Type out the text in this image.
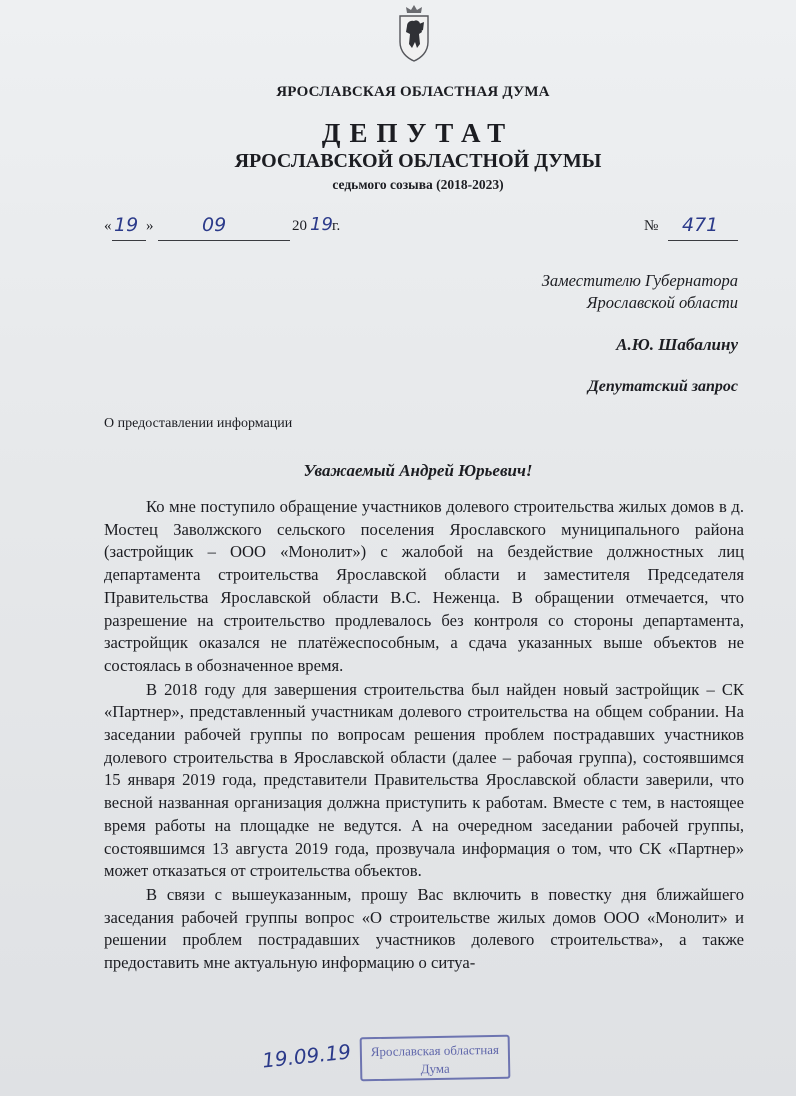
ЯРОСЛАВСКАЯ ОБЛАСТНАЯ ДУМА
ДЕПУТАТ
ЯРОСЛАВСКОЙ ОБЛАСТНОЙ ДУМЫ
седьмого созыва (2018-2023)
« 19 »	09	20 19 г.	№ 471
Заместителю Губернатора
Ярославской области
А.Ю. Шабалину
Депутатский запрос
О предоставлении информации
Уважаемый Андрей Юрьевич!

Ко мне поступило обращение участников долевого строительства жилых домов в д. Мостец Заволжского сельского поселения Ярославского муниципального района (застройщик – ООО «Монолит») с жалобой на бездействие должностных лиц департамента строительства Ярославской области и заместителя Председателя Правительства Ярославской области В.С. Неженца. В обращении отмечается, что разрешение на строительство продлевалось без контроля со стороны департамента, застройщик оказался не платёжеспособным, а сдача указанных выше объектов не состоялась в обозначенное время.

В 2018 году для завершения строительства был найден новый застройщик – СК «Партнер», представленный участникам долевого строительства на общем собрании. На заседании рабочей группы по вопросам решения проблем пострадавших участников долевого строительства в Ярославской области (далее – рабочая группа), состоявшимся 15 января 2019 года, представители Правительства Ярославской области заверили, что весной названная организация должна приступить к работам. Вместе с тем, в настоящее время работы на площадке не ведутся. А на очередном заседании рабочей группы, состоявшимся 13 августа 2019 года, прозвучала информация о том, что СК «Партнер» может отказаться от строительства объектов.

В связи с вышеуказанным, прошу Вас включить в повестку дня ближайшего заседания рабочей группы вопрос «О строительстве жилых домов ООО «Монолит» и решении проблем пострадавших участников долевого строительства», а также предоставить мне актуальную информацию о ситуа-

19.09.19	Ярославская областная
Дума
